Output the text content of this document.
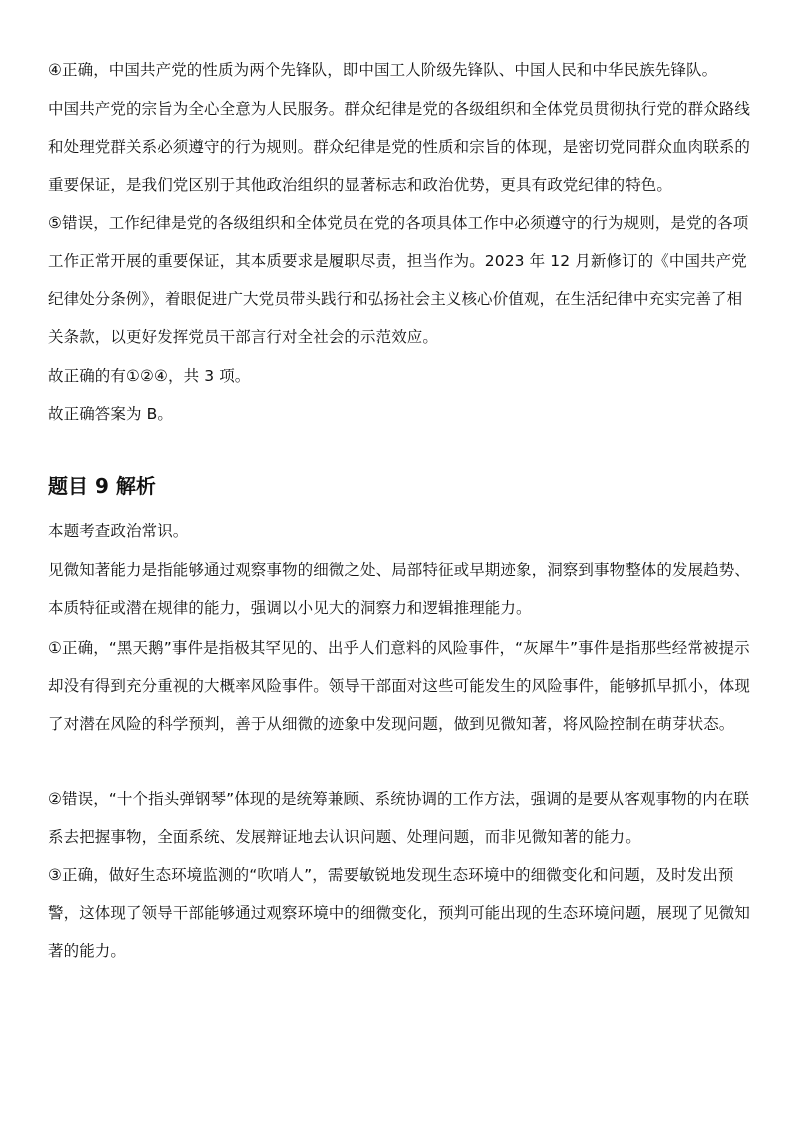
④正确，中国共产党的性质为两个先锋队，即中国工人阶级先锋队、中国人民和中华民族先锋队。
中国共产党的宗旨为全心全意为人民服务。群众纪律是党的各级组织和全体党员贯彻执行党的群众路线和处理党群关系必须遵守的行为规则。群众纪律是党的性质和宗旨的体现，是密切党同群众血肉联系的重要保证，是我们党区别于其他政治组织的显著标志和政治优势，更具有政党纪律的特色。
⑤错误，工作纪律是党的各级组织和全体党员在党的各项具体工作中必须遵守的行为规则，是党的各项工作正常开展的重要保证，其本质要求是履职尽责，担当作为。2023 年 12 月新修订的《中国共产党纪律处分条例》，着眼促进广大党员带头践行和弘扬社会主义核心价值观，在生活纪律中充实完善了相关条款，以更好发挥党员干部言行对全社会的示范效应。
故正确的有①②④，共 3 项。
故正确答案为 B。
题目 9 解析
本题考查政治常识。
见微知著能力是指能够通过观察事物的细微之处、局部特征或早期迹象，洞察到事物整体的发展趋势、本质特征或潜在规律的能力，强调以小见大的洞察力和逻辑推理能力。
①正确，“黑天鹅”事件是指极其罕见的、出乎人们意料的风险事件，“灰犀牛”事件是指那些经常被提示却没有得到充分重视的大概率风险事件。领导干部面对这些可能发生的风险事件，能够抓早抓小，体现了对潜在风险的科学预判，善于从细微的迹象中发现问题，做到见微知著，将风险控制在萌芽状态。
②错误，“十个指头弹钢琴”体现的是统筹兼顾、系统协调的工作方法，强调的是要从客观事物的内在联系去把握事物，全面系统、发展辩证地去认识问题、处理问题，而非见微知著的能力。
③正确，做好生态环境监测的“吹哨人”，需要敏锐地发现生态环境中的细微变化和问题，及时发出预警，这体现了领导干部能够通过观察环境中的细微变化，预判可能出现的生态环境问题，展现了见微知著的能力。
